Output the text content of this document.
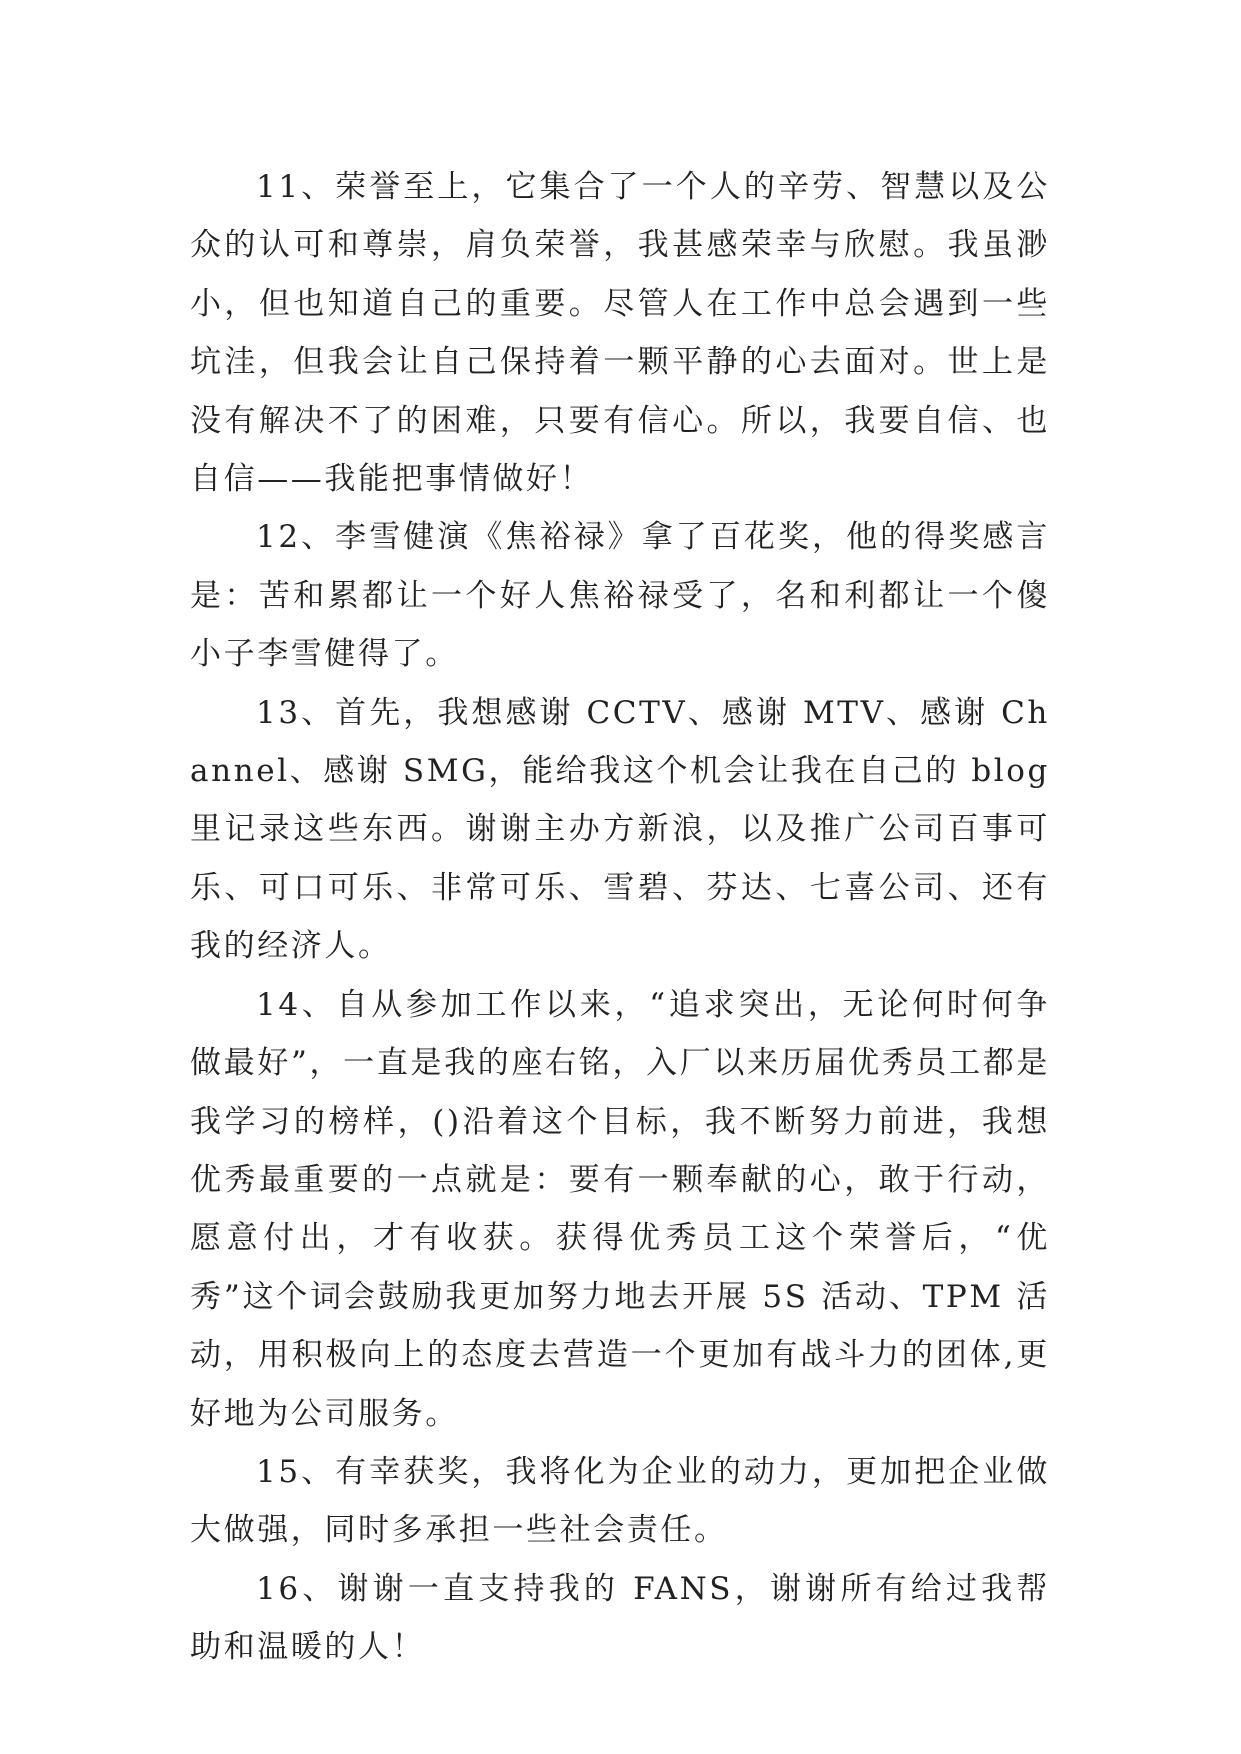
11、荣誉至上，它集合了一个人的辛劳、智慧以及公众的认可和尊崇，肩负荣誉，我甚感荣幸与欣慰。我虽渺小，但也知道自己的重要。尽管人在工作中总会遇到一些坑洼，但我会让自己保持着一颗平静的心去面对。世上是没有解决不了的困难，只要有信心。所以，我要自信、也自信——我能把事情做好！

12、李雪健演《焦裕禄》拿了百花奖，他的得奖感言是：苦和累都让一个好人焦裕禄受了，名和利都让一个傻小子李雪健得了。

13、首先，我想感谢 CCTV、感谢 MTV、感谢 Channel、感谢 SMG，能给我这个机会让我在自己的 blog 里记录这些东西。谢谢主办方新浪，以及推广公司百事可乐、可口可乐、非常可乐、雪碧、芬达、七喜公司、还有我的经济人。

14、自从参加工作以来，“追求突出，无论何时何争做最好”，一直是我的座右铭，入厂以来历届优秀员工都是我学习的榜样，()沿着这个目标，我不断努力前进，我想优秀最重要的一点就是：要有一颗奉献的心，敢于行动，愿意付出，才有收获。获得优秀员工这个荣誉后，“优秀”这个词会鼓励我更加努力地去开展 5S 活动、TPM 活动，用积极向上的态度去营造一个更加有战斗力的团体,更好地为公司服务。

15、有幸获奖，我将化为企业的动力，更加把企业做大做强，同时多承担一些社会责任。

16、谢谢一直支持我的 FANS，谢谢所有给过我帮助和温暖的人！
